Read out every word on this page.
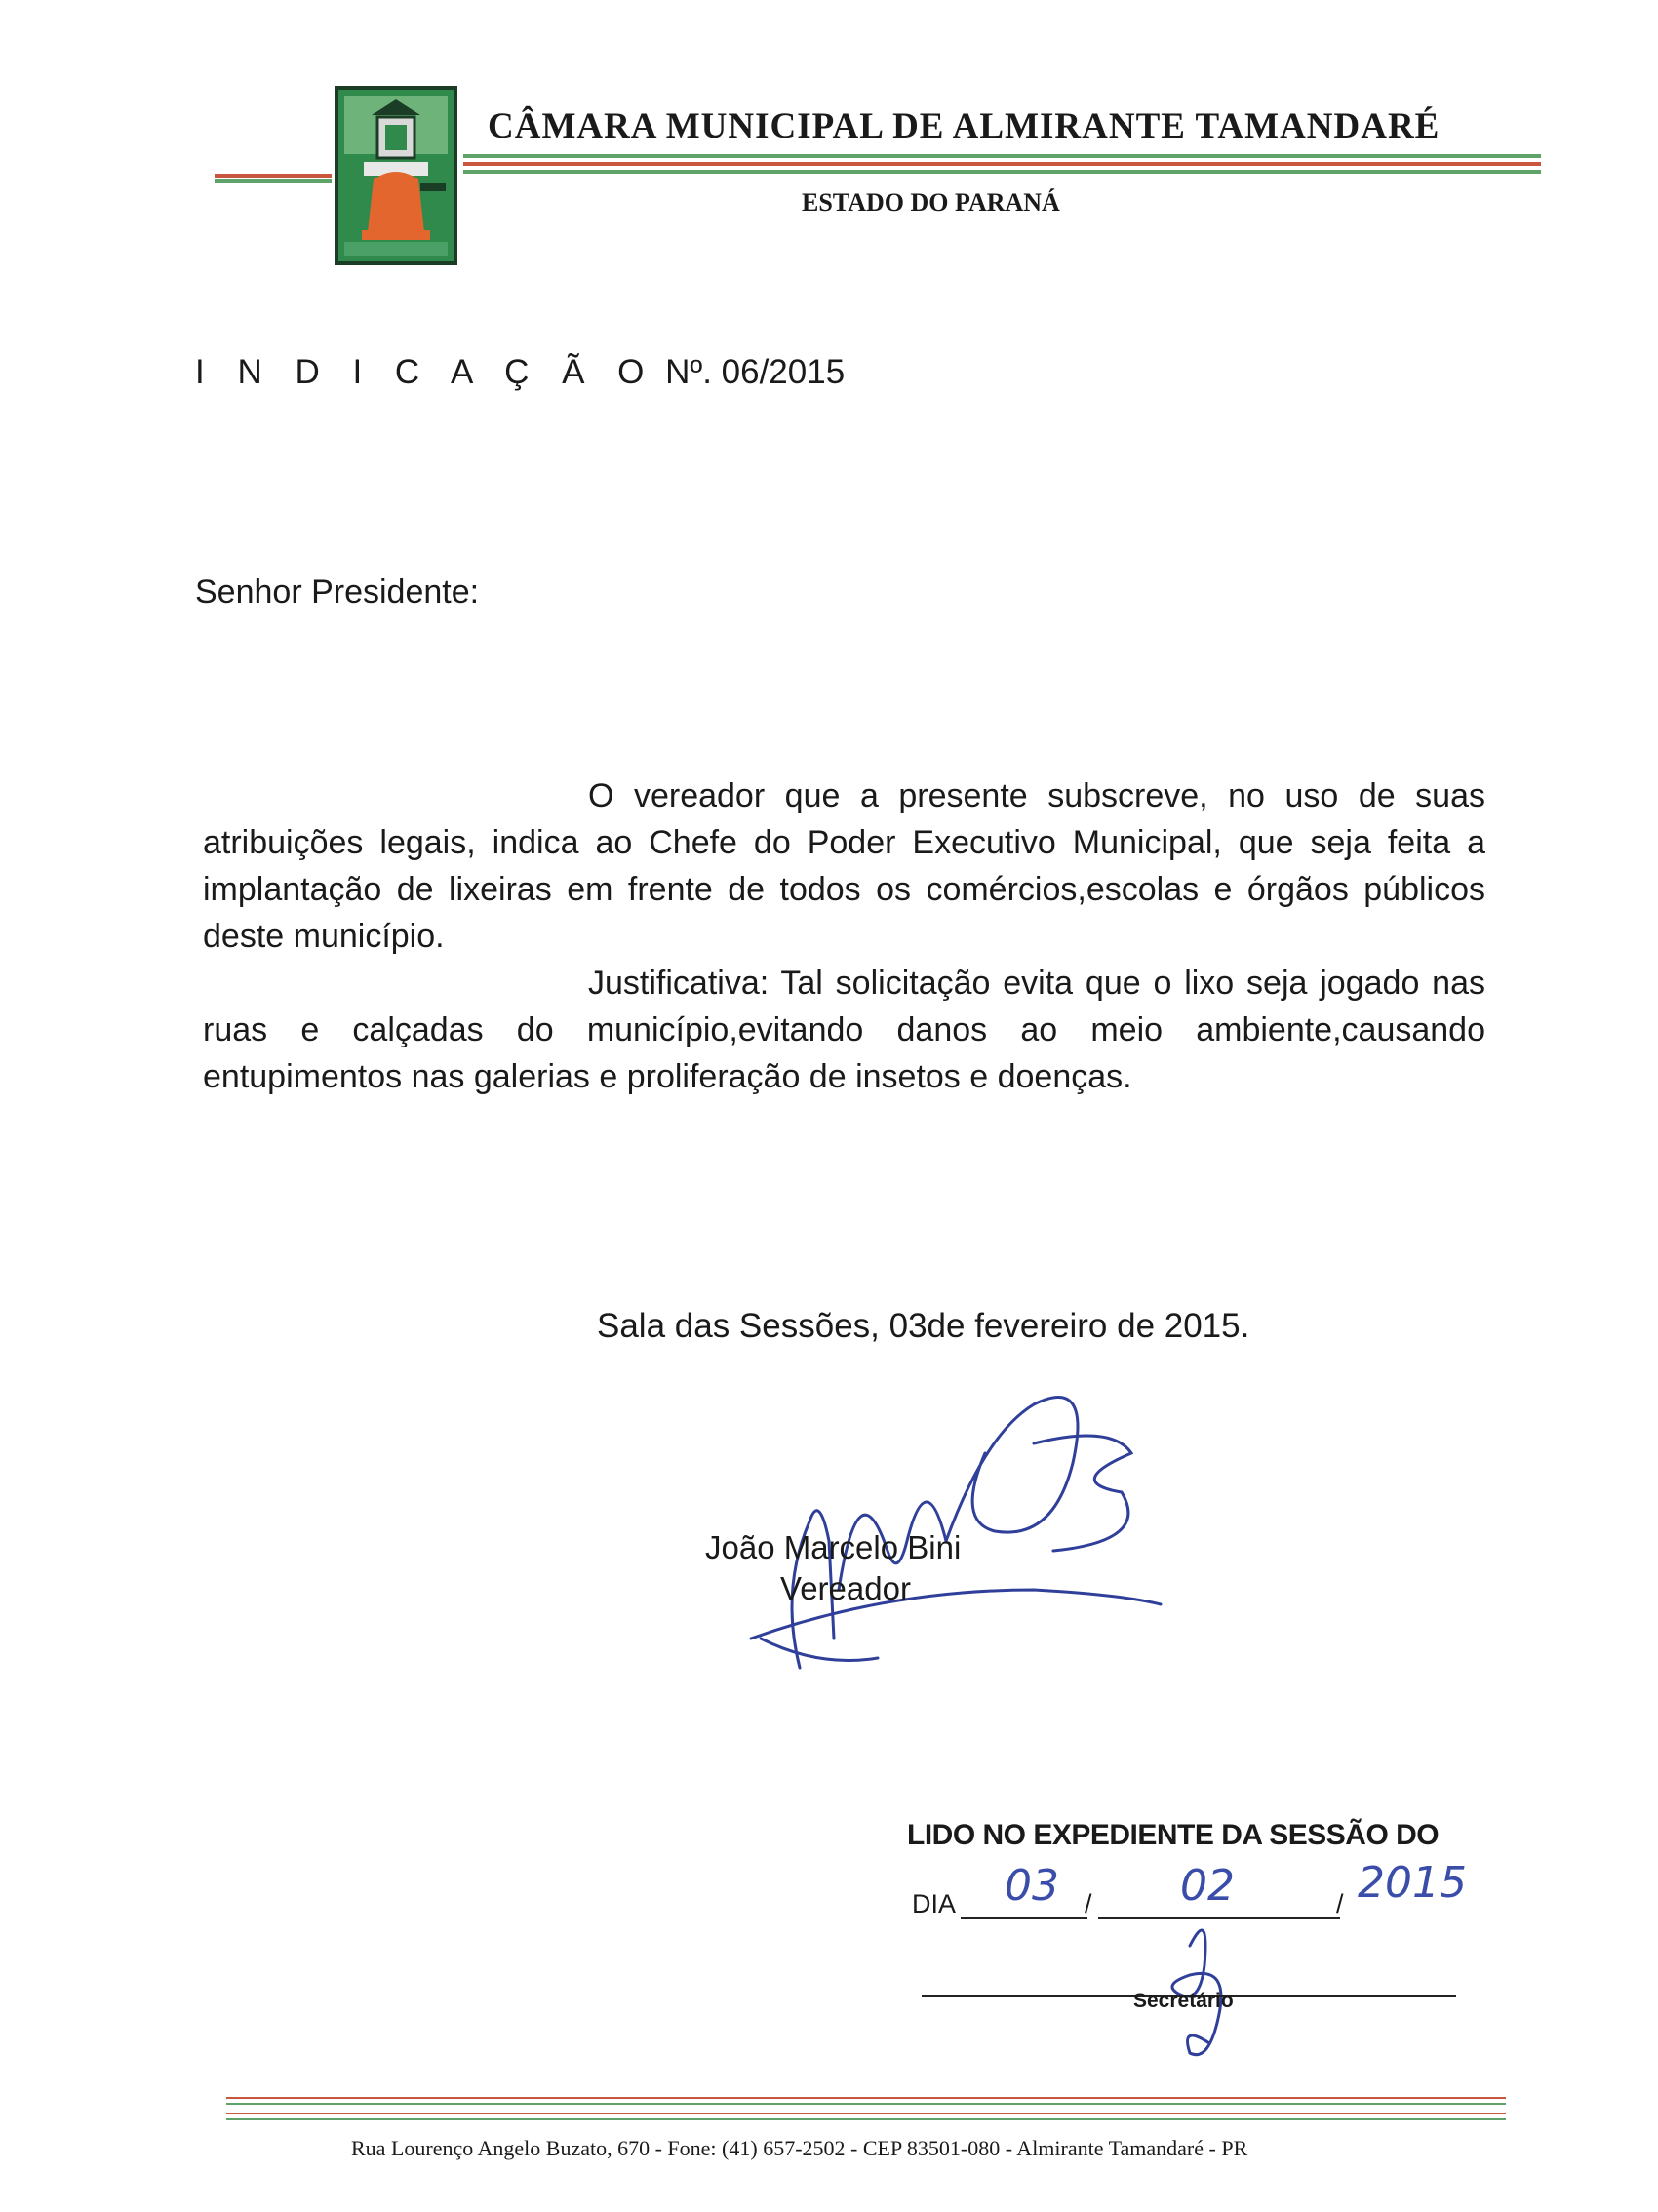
CÂMARA MUNICIPAL DE ALMIRANTE TAMANDARÉ
ESTADO DO PARANÁ
I N D I C A Ç Ã O Nº. 06/2015
Senhor Presidente:
O vereador que a presente subscreve, no uso de suas atribuições legais, indica ao Chefe do Poder Executivo Municipal, que seja feita a implantação de lixeiras em frente de todos os comércios,escolas e órgãos públicos deste município.
Justificativa: Tal solicitação evita que o lixo seja jogado nas ruas e calçadas do município,evitando danos ao meio ambiente,causando entupimentos nas galerias e proliferação de insetos e doenças.
Sala das Sessões, 03de fevereiro de 2015.
João Marcelo Bini
Vereador
LIDO NO EXPEDIENTE DA SESSÃO DO
DIA	/	/
03	02	2015
Secretário
Rua Lourenço Angelo Buzato, 670 - Fone: (41) 657-2502 - CEP 83501-080 - Almirante Tamandaré - PR
